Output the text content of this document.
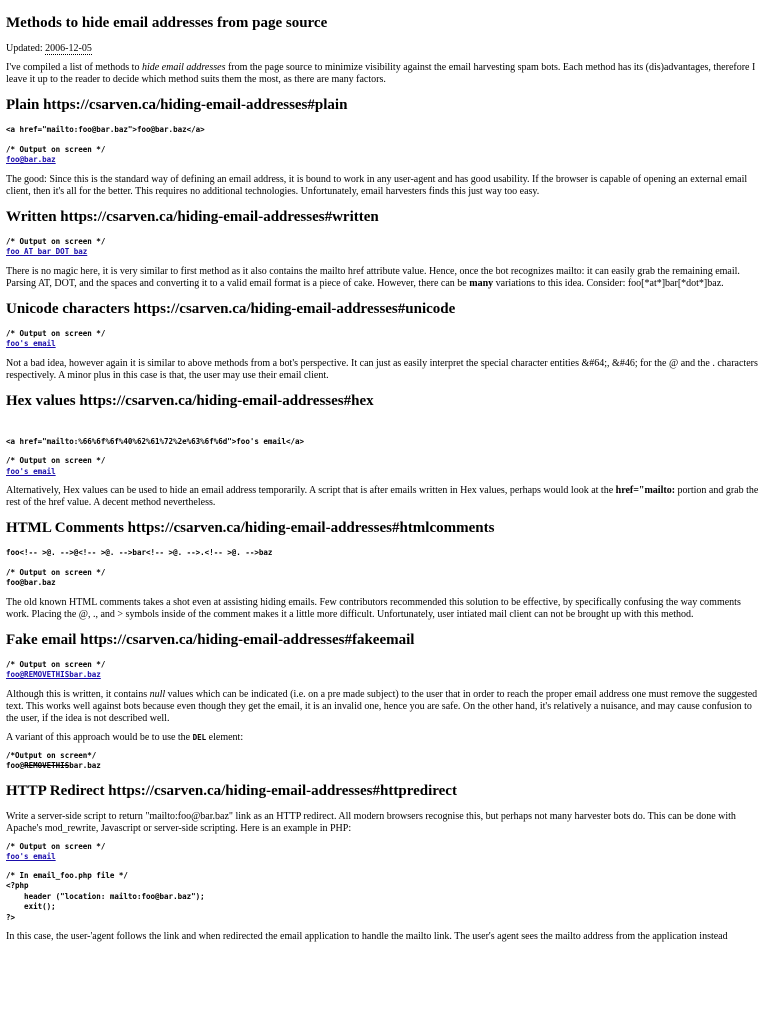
Methods to hide email addresses from page source

Updated: 2006-12-05

I've compiled a list of methods to hide email addresses from the page source to minimize visibility against the email harvesting spam bots. Each method has its (dis)advantages, therefore I leave it up to the reader to decide which method suits them the most, as there are many factors.

Plain https://csarven.ca/hiding-email-addresses#plain
<a href="mailto:foo@bar.baz">foo@bar.baz</a>
/* Output on screen */
foo@bar.baz

The good: Since this is the standard way of defining an email address, it is bound to work in any user-agent and has good usability. If the browser is capable of opening an external email client, then it's all for the better. This requires no additional technologies. Unfortunately, email harvesters finds this just way too easy.

Written https://csarven.ca/hiding-email-addresses#written
/* Output on screen */
foo AT bar DOT baz

There is no magic here, it is very similar to first method as it also contains the mailto href attribute value. Hence, once the bot recognizes mailto: it can easily grab the remaining email. Parsing AT, DOT, and the spaces and converting it to a valid email format is a piece of cake. However, there can be many variations to this idea. Consider: foo[*at*]bar[*dot*]baz.

Unicode characters https://csarven.ca/hiding-email-addresses#unicode
/* Output on screen */
foo's email

Not a bad idea, however again it is similar to above methods from a bot's perspective. It can just as easily interpret the special character entities &#64;, &#46; for the @ and the . characters respectively. A minor plus in this case is that, the user may use their email client.

Hex values https://csarven.ca/hiding-email-addresses#hex
<a href="mailto:%66%6f%6f%40%62%61%72%2e%63%6f%6d">foo's email</a>
/* Output on screen */
foo's email

Alternatively, Hex values can be used to hide an email address temporarily. A script that is after emails written in Hex values, perhaps would look at the href="mailto: portion and grab the rest of the href value. A decent method nevertheless.

HTML Comments https://csarven.ca/hiding-email-addresses#htmlcomments
foo<!-- >@. -->@<!-- >@. -->bar<!-- >@. -->.<!-- >@. -->baz
/* Output on screen */
foo@bar.baz

The old known HTML comments takes a shot even at assisting hiding emails. Few contributors recommended this solution to be effective, by specifically confusing the way comments work. Placing the @, ., and > symbols inside of the comment makes it a little more difficult. Unfortunately, user intiated mail client can not be brought up with this method.

Fake email https://csarven.ca/hiding-email-addresses#fakeemail
/* Output on screen */
foo@REMOVETHISbar.baz

Although this is written, it contains null values which can be indicated (i.e. on a pre made subject) to the user that in order to reach the proper email address one must remove the suggested text. This works well against bots because even though they get the email, it is an invalid one, hence you are safe. On the other hand, it's relatively a nuisance, and may cause confusion to the user, if the idea is not described well.

A variant of this approach would be to use the DEL element:

/*Output on screen*/
foo@REMOVETHISbar.baz
HTTP Redirect https://csarven.ca/hiding-email-addresses#httpredirect

Write a server-side script to return "mailto:foo@bar.baz" link as an HTTP redirect. All modern browsers recognise this, but perhaps not many harvester bots do. This can be done with Apache's mod_rewrite, Javascript or server-side scripting. Here is an example in PHP:

/* Output on screen */
foo's email
/* In email_foo.php file */
<?php
header ("location: mailto:foo@bar.baz");
exit();
?>

In this case, the user-'agent follows the link and when redirected the email application to handle the mailto link. The user's agent sees the mailto address from the application instead
